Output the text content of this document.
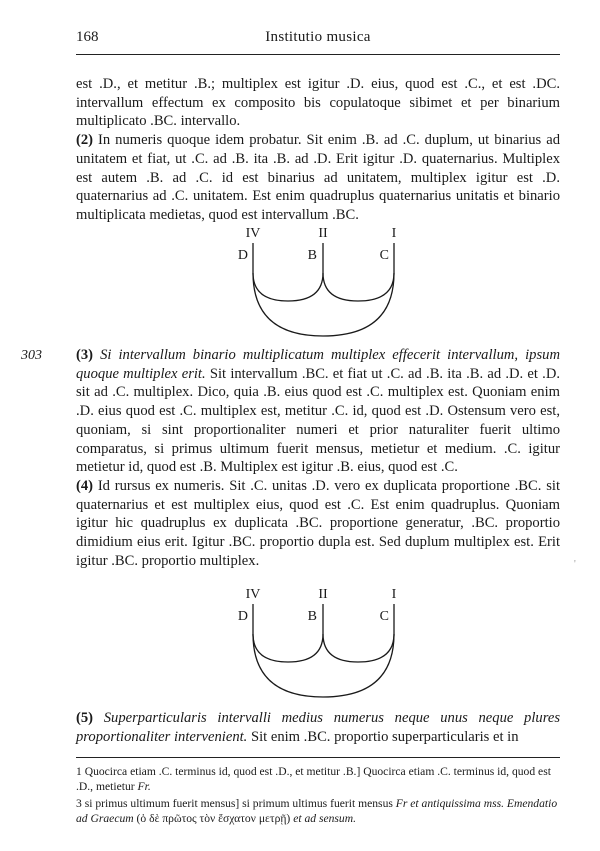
168	Institutio musica

est .D., et metitur .B.; multiplex est igitur .D. eius, quod est .C., et est .DC. intervallum effectum ex composito bis copulatoque sibimet et per binarium multiplicato .BC. intervallo.

(2) In numeris quoque idem probatur. Sit enim .B. ad .C. duplum, ut binarius ad unitatem et fiat, ut .C. ad .B. ita .B. ad .D. Erit igitur .D. quaternarius. Multiplex est autem .B. ad .C. id est binarius ad unitatem, multiplex igitur est .D. quaternarius ad .C. unitatem. Est enim quadruplus quaternarius unitatis et binario multiplicata medietas, quod est intervallum .BC.

IV	II	I
D	B	C
303 (3) Si intervallum binario multiplicatum multiplex effecerit intervallum, ipsum quoque multiplex erit. Sit intervallum .BC. et fiat ut .C. ad .B. ita .B. ad .D. et .D. sit ad .C. multiplex. Dico, quia .B. eius quod est .C. multiplex est. Quoniam enim .D. eius quod est .C. multiplex est, metitur .C. id, quod est .D. Ostensum vero est, quoniam, si sint proportionaliter numeri et prior naturaliter fuerit ultimo comparatus, si primus ultimum fuerit mensus, metietur et medium. .C. igitur metietur id, quod est .B. Multiplex est igitur .B. eius, quod est .C.

(4) Id rursus ex numeris. Sit .C. unitas .D. vero ex duplicata proportione .BC. sit quaternarius et est multiplex eius, quod est .C. Est enim quadruplus. Quoniam igitur hic quadruplus ex duplicata .BC. proportione generatur, .BC. proportio dimidium eius erit. Igitur .BC. proportio dupla est. Sed duplum multiplex est. Erit igitur .BC. proportio multiplex.	'
IV	II	I
D	B	C

(5) Superparticularis intervalli medius numerus neque unus neque plures proportionaliter intervenient. Sit enim .BC. proportio superparticularis et in

1 Quocirca etiam .C. terminus id, quod est .D., et metitur .B.] Quocirca etiam .C. terminus id, quod est .D., metietur Fr.

3 si primus ultimum fuerit mensus] si primum ultimus fuerit mensus Fr et antiquissima mss. Emendatio ad Graecum (ὁ δὲ πρῶτος τὸν ἔσχατον μετρῇ) et ad sensum.
